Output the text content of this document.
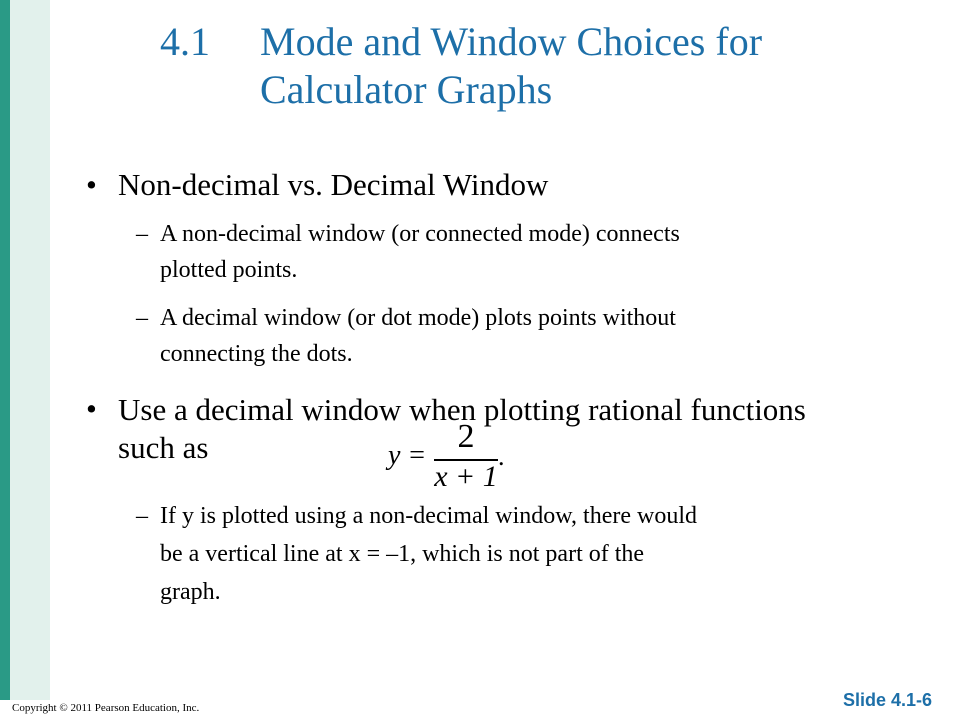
4.1 Mode and Window Choices for Calculator Graphs
• Non-decimal vs. Decimal Window
– A non-decimal window (or connected mode) connects
plotted points.
– A decimal window (or dot mode) plots points without
connecting the dots.
• Use a decimal window when plotting rational functions such as	y =
2
x + 1
.
– If y is plotted using a non-decimal window, there would
be a vertical line at x = –1, which is not part of the
graph.
Copyright © 2011 Pearson Education, Inc.	Slide 4.1-6
